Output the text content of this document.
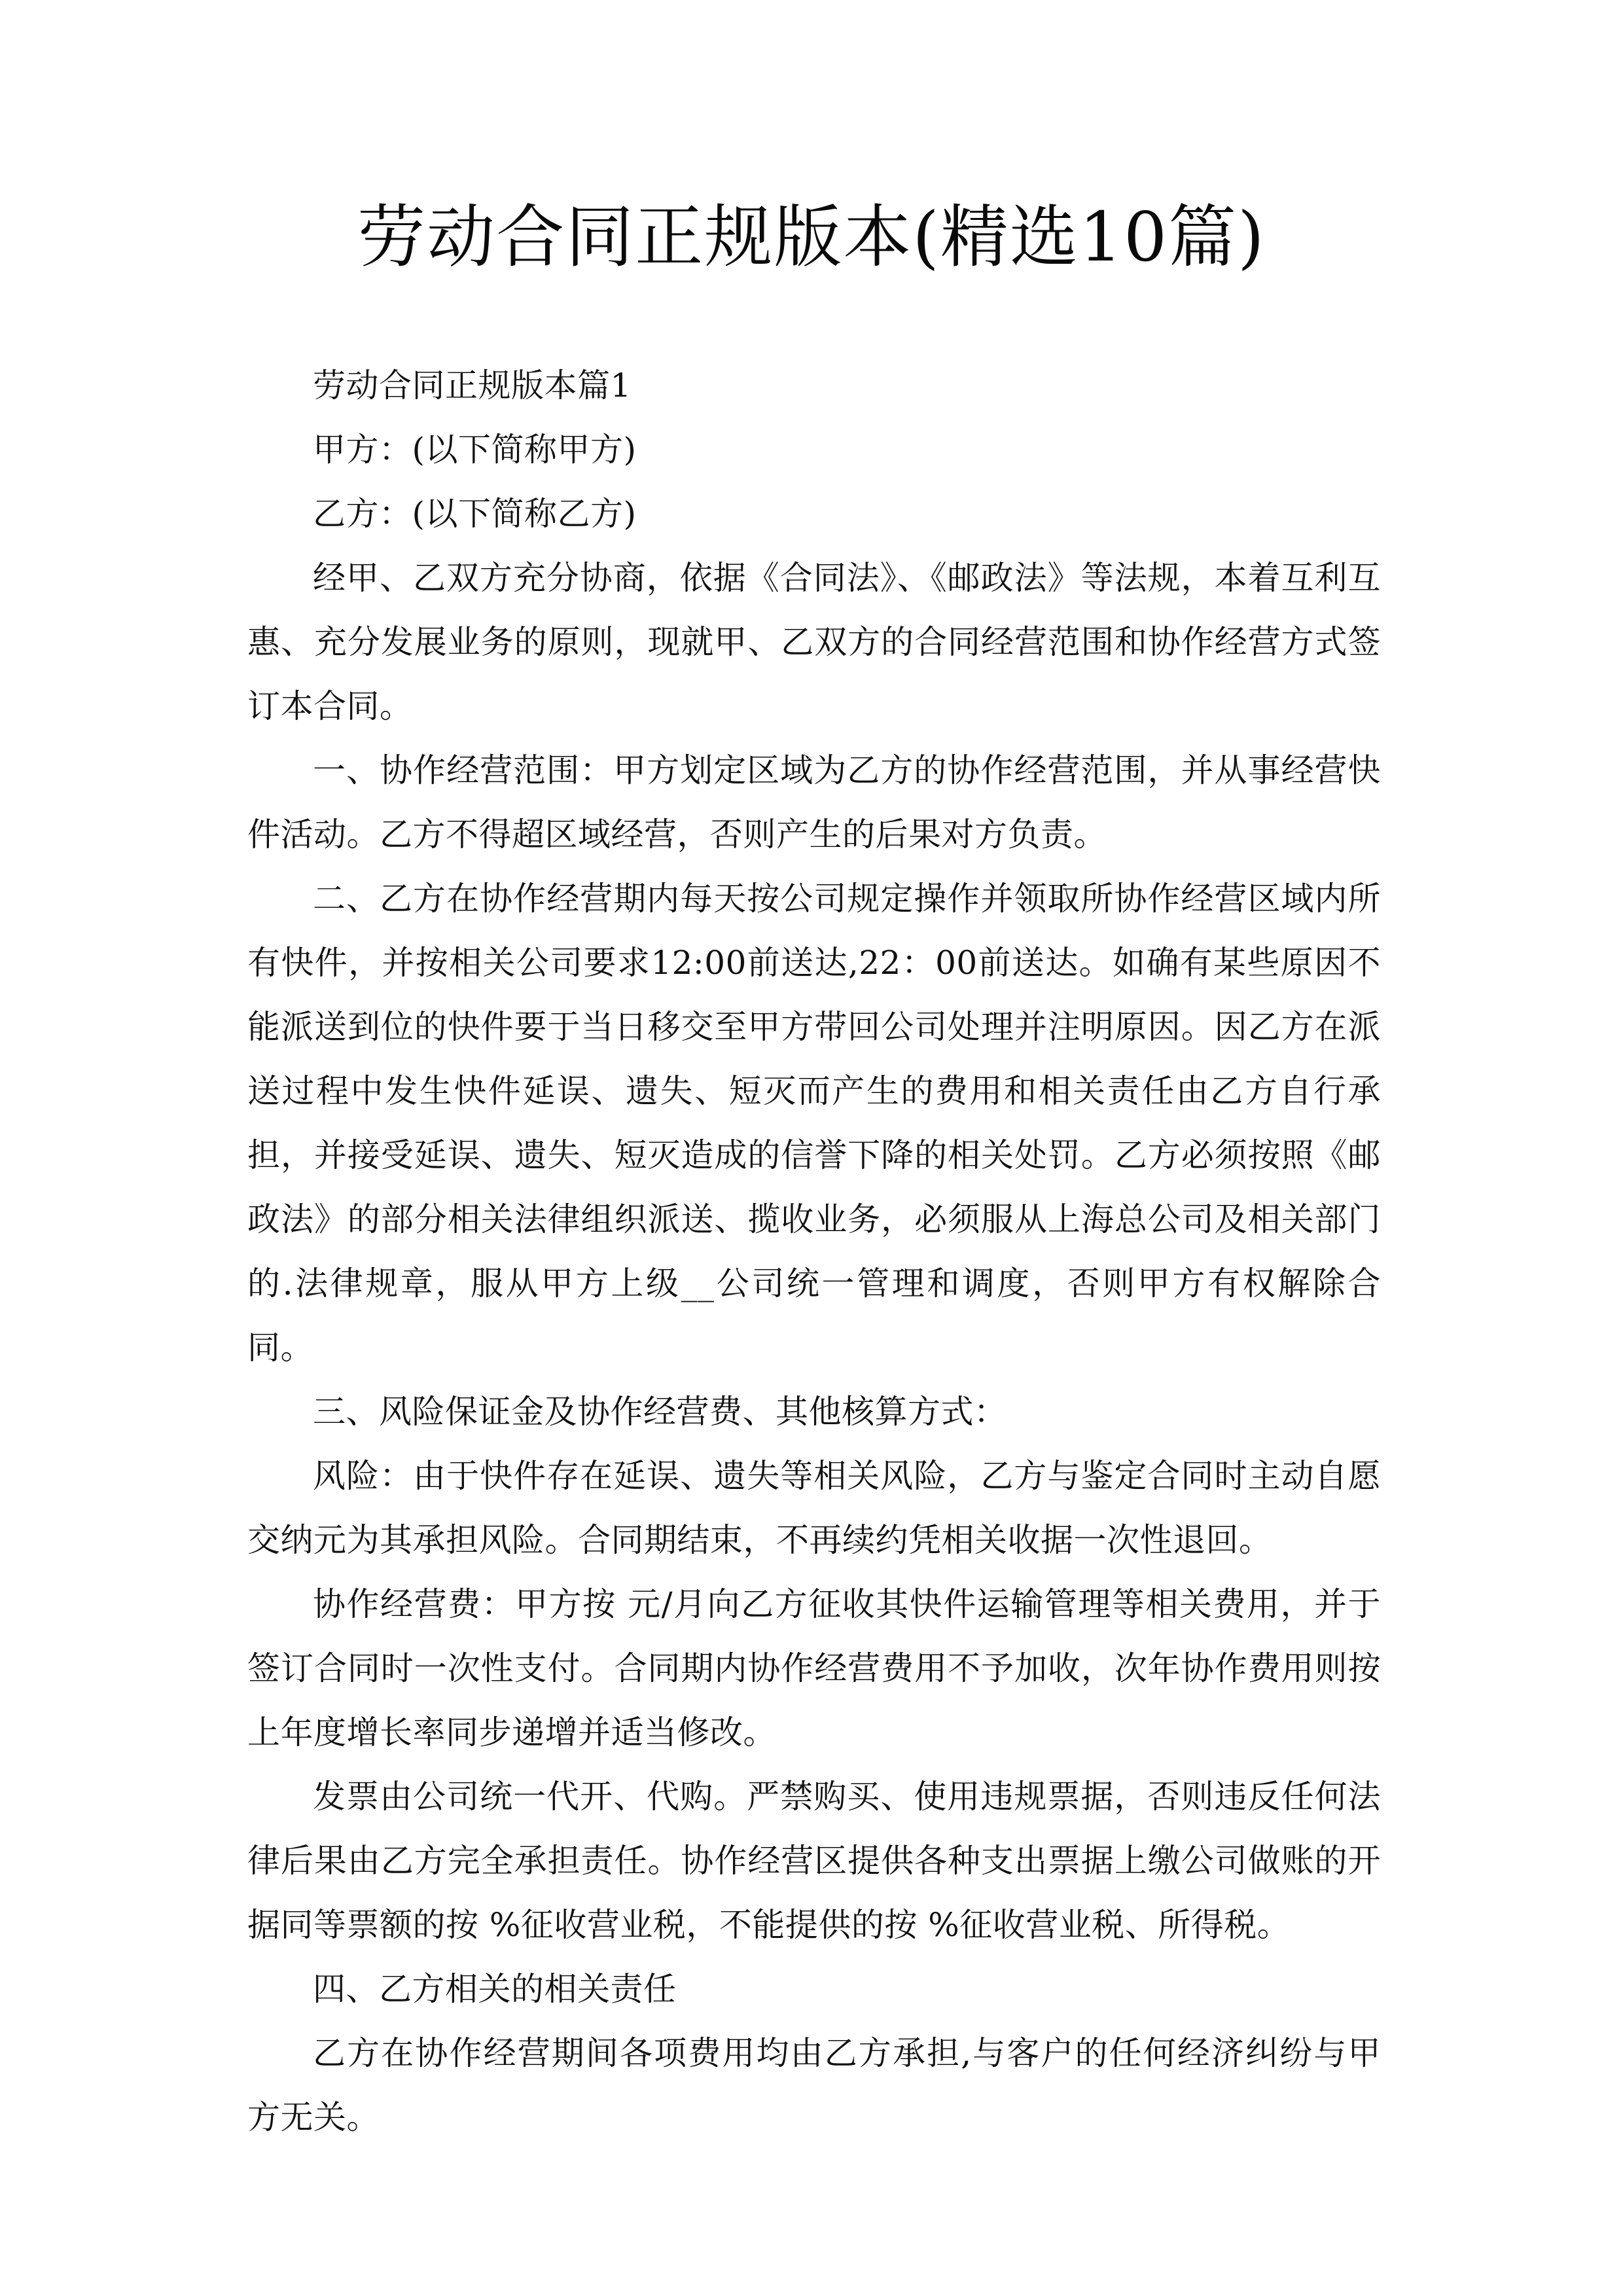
劳动合同正规版本(精选10篇)

劳动合同正规版本篇1

甲方：(以下简称甲方)

乙方：(以下简称乙方)

经甲、乙双方充分协商，依据《合同法》、《邮政法》等法规，本着互利互惠、充分发展业务的原则，现就甲、乙双方的合同经营范围和协作经营方式签订本合同。

一、协作经营范围：甲方划定区域为乙方的协作经营范围，并从事经营快件活动。乙方不得超区域经营，否则产生的后果对方负责。

二、乙方在协作经营期内每天按公司规定操作并领取所协作经营区域内所有快件，并按相关公司要求12:00前送达,22：00前送达。如确有某些原因不能派送到位的快件要于当日移交至甲方带回公司处理并注明原因。因乙方在派送过程中发生快件延误、遗失、短灭而产生的费用和相关责任由乙方自行承担，并接受延误、遗失、短灭造成的信誉下降的相关处罚。乙方必须按照《邮政法》的部分相关法律组织派送、揽收业务，必须服从上海总公司及相关部门的.法律规章，服从甲方上级__公司统一管理和调度，否则甲方有权解除合同。

三、风险保证金及协作经营费、其他核算方式：

风险：由于快件存在延误、遗失等相关风险，乙方与鉴定合同时主动自愿交纳元为其承担风险。合同期结束，不再续约凭相关收据一次性退回。

协作经营费：甲方按 元/月向乙方征收其快件运输管理等相关费用，并于签订合同时一次性支付。合同期内协作经营费用不予加收，次年协作费用则按上年度增长率同步递增并适当修改。

发票由公司统一代开、代购。严禁购买、使用违规票据，否则违反任何法律后果由乙方完全承担责任。协作经营区提供各种支出票据上缴公司做账的开据同等票额的按 %征收营业税，不能提供的按 %征收营业税、所得税。

四、乙方相关的相关责任

乙方在协作经营期间各项费用均由乙方承担,与客户的任何经济纠纷与甲方无关。
